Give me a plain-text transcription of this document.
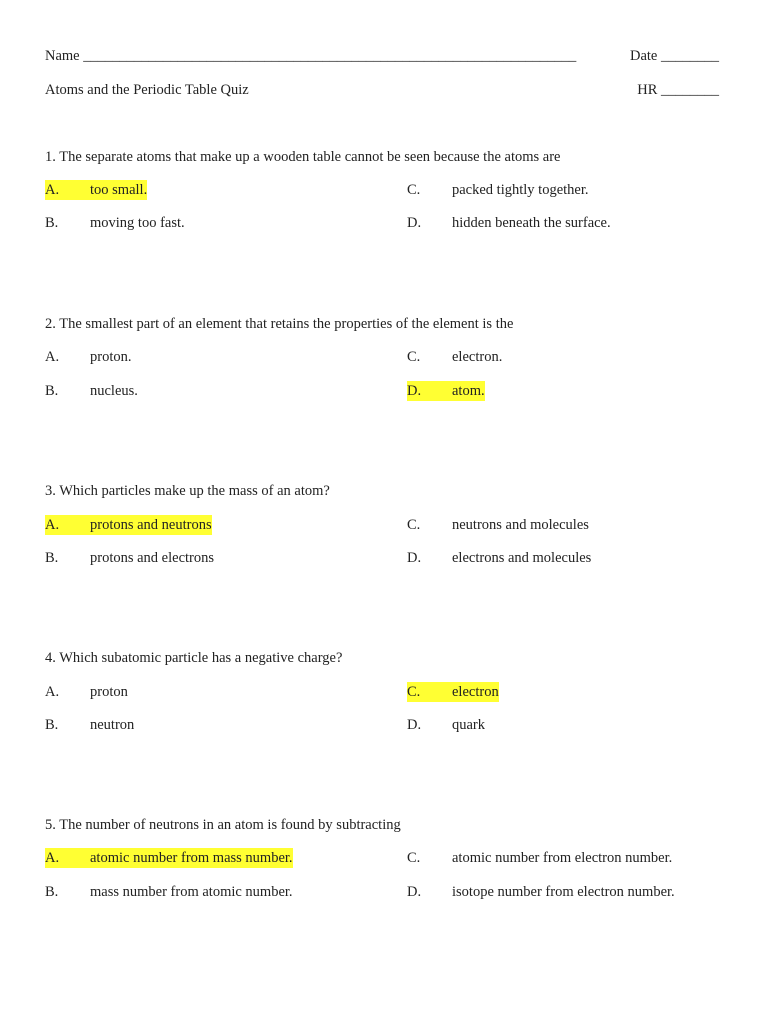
Name ____________________________________________________________________	Date ________
Atoms and the Periodic Table Quiz	HR ________
1. The separate atoms that make up a wooden table cannot be seen because the atoms are
A. too small.	C. packed tightly together.
B. moving too fast.	D. hidden beneath the surface.
2. The smallest part of an element that retains the properties of the element is the
A. proton.	C. electron.
B. nucleus.	D. atom.
3. Which particles make up the mass of an atom?
A. protons and neutrons	C. neutrons and molecules
B. protons and electrons	D. electrons and molecules
4. Which subatomic particle has a negative charge?
A. proton	C. electron
B. neutron	D. quark
5. The number of neutrons in an atom is found by subtracting
A. atomic number from mass number.	C. atomic number from electron number.
B. mass number from atomic number.	D. isotope number from electron number.
